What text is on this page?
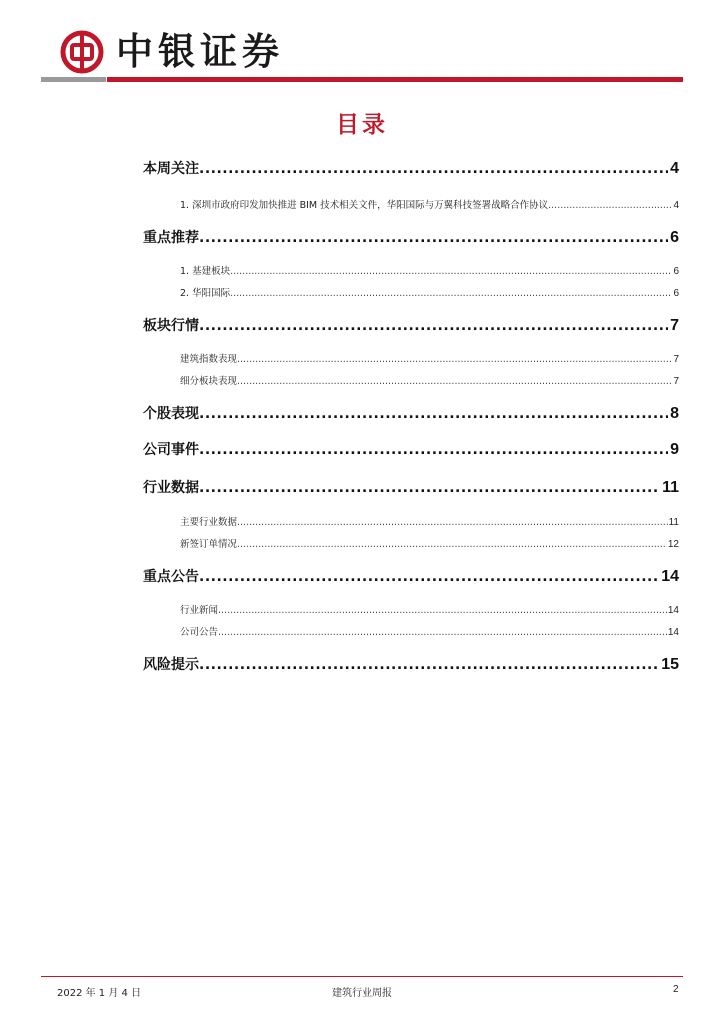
中银证券
目录
本周关注 .....	4
1. 深圳市政府印发加快推进 BIM 技术相关文件，华阳国际与万翼科技签署战略合作协议 .....	4
重点推荐 .....	6
1. 基建板块 .....	6
2. 华阳国际 .....	6
板块行情 .....	7
建筑指数表现 .....	7
细分板块表现 .....	7
个股表现 .....	8
公司事件 .....	9
行业数据 .....	11
主要行业数据 .....	11
新签订单情况 .....	12
重点公告 .....	14
行业新闻 .....	14
公司公告 .....	14
风险提示 .....	15
2022 年 1 月 4 日	建筑行业周报	2
